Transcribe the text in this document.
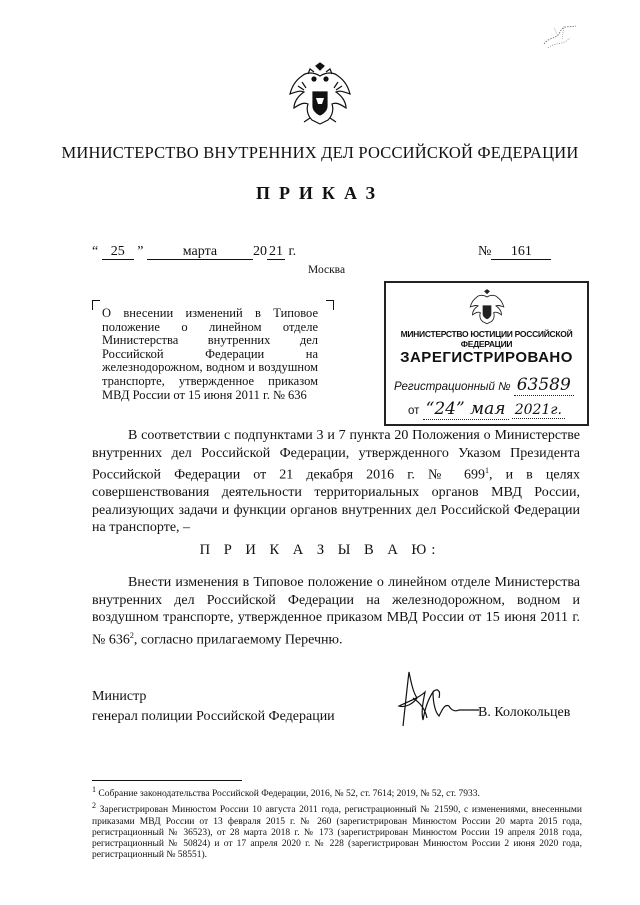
МИНИСТЕРСТВО ВНУТРЕННИХ ДЕЛ РОССИЙСКОЙ ФЕДЕРАЦИИ
ПРИКАЗ
“ 25 ”	марта	20 21 г.	№ 161
Москва
О внесении изменений в Типовое положение о линейном отделе Министерства внутренних дел Российской Федерации на железнодорожном, водном и воздушном транспорте, утвержденное приказом МВД России от 15 июня 2011 г. № 636
МИНИСТЕРСТВО ЮСТИЦИИ РОССИЙСКОЙ ФЕДЕРАЦИИ
ЗАРЕГИСТРИРОВАНО
Регистрационный № 63589
от “24” мая 2021г.
В соответствии с подпунктами 3 и 7 пункта 20 Положения о Министерстве внутренних дел Российской Федерации, утвержденного Указом Президента Российской Федерации от 21 декабря 2016 г. № $699^1$, и в целях совершенствования деятельности территориальных органов МВД России, реализующих задачи и функции органов внутренних дел Российской Федерации на транспорте, –
П Р И К А З Ы В А Ю:
Внести изменения в Типовое положение о линейном отделе Министерства внутренних дел Российской Федерации на железнодорожном, водном и воздушном транспорте, утвержденное приказом МВД России от 15 июня 2011 г. № $636^2$, согласно прилагаемому Перечню.
Министр
генерал полиции Российской Федерации	В. Колокольцев
$^1$ Собрание законодательства Российской Федерации, 2016, № 52, ст. 7614; 2019, № 52, ст. 7933.
$^2$ Зарегистрирован Минюстом России 10 августа 2011 года, регистрационный № 21590, с изменениями, внесенными приказами МВД России от 13 февраля 2015 г. № 260 (зарегистрирован Минюстом России 20 марта 2015 года, регистрационный № 36523), от 28 марта 2018 г. № 173 (зарегистрирован Минюстом России 19 апреля 2018 года, регистрационный № 50824) и от 17 апреля 2020 г. № 228 (зарегистрирован Минюстом России 2 июня 2020 года, регистрационный № 58551).
